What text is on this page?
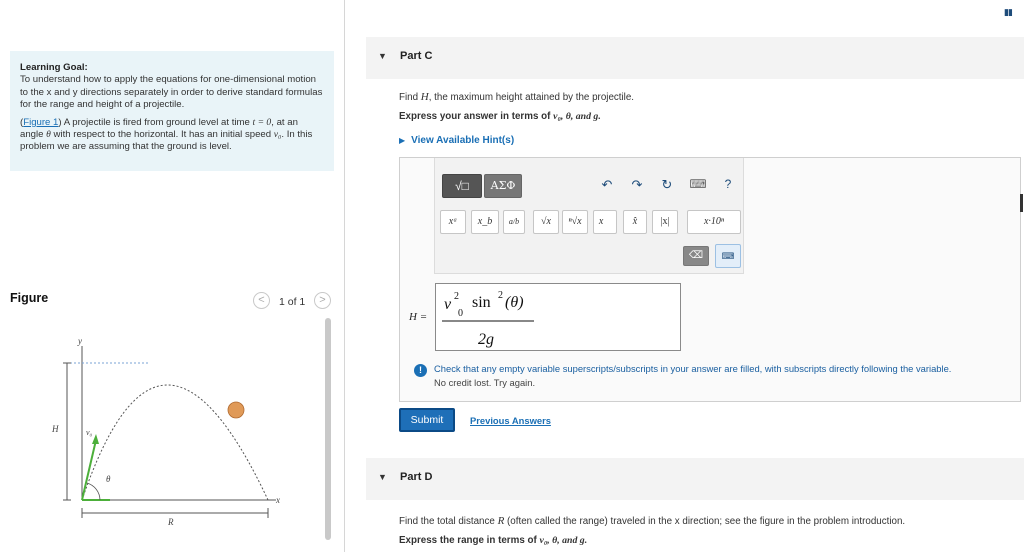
Learning Goal:
To understand how to apply the equations for one-dimensional motion to the x and y directions separately in order to derive standard formulas for the range and height of a projectile.
(Figure 1) A projectile is fired from ground level at time t = 0, at an angle θ with respect to the horizontal. It has an initial speed v₀. In this problem we are assuming that the ground is level.
Figure	<	1 of 1	>
y
x
H
R
v₀
θ
▼ Part C
Find H, the maximum height attained by the projectile.
Express your answer in terms of v₀, θ, and g.
▶ View Available Hint(s)
√□	ΑΣΦ	↶ ↷ ↻ ⌨	?
xᵃ	x_b	a/b	√x	ⁿ√x	x⃗	x̂	|x|	x·10ⁿ
⌫	⌨
H =
v 2
0
sin 2 (θ)
2g
!	Check that any empty variable superscripts/subscripts in your answer are filled, with subscripts directly following the variable.
No credit lost. Try again.
Submit	Previous Answers
▼ Part D
Find the total distance R (often called the range) traveled in the x direction; see the figure in the problem introduction.
Express the range in terms of v₀, θ, and g.
▮▮
